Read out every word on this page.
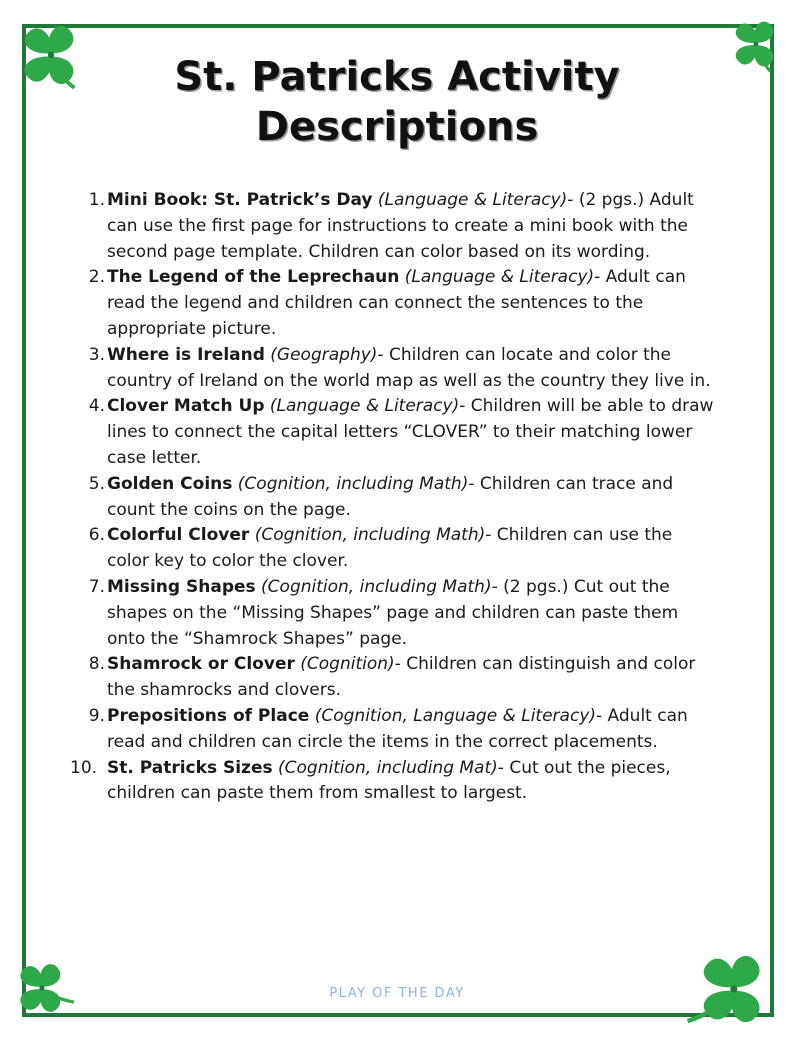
St. Patricks Activity
Descriptions
1. Mini Book: St. Patrick’s Day (Language & Literacy)- (2 pgs.) Adult can use the first page for instructions to create a mini book with the second page template. Children can color based on its wording.
2. The Legend of the Leprechaun (Language & Literacy)- Adult can read the legend and children can connect the sentences to the appropriate picture.
3. Where is Ireland (Geography)- Children can locate and color the country of Ireland on the world map as well as the country they live in.
4. Clover Match Up (Language & Literacy)- Children will be able to draw lines to connect the capital letters “CLOVER” to their matching lower case letter.
5. Golden Coins (Cognition, including Math)- Children can trace and count the coins on the page.
6. Colorful Clover (Cognition, including Math)- Children can use the color key to color the clover.
7. Missing Shapes (Cognition, including Math)- (2 pgs.) Cut out the shapes on the “Missing Shapes” page and children can paste them onto the “Shamrock Shapes” page.
8. Shamrock or Clover (Cognition)- Children can distinguish and color the shamrocks and clovers.
9. Prepositions of Place (Cognition, Language & Literacy)- Adult can read and children can circle the items in the correct placements.
10. St. Patricks Sizes (Cognition, including Mat)- Cut out the pieces, children can paste them from smallest to largest.
PLAY OF THE DAY
